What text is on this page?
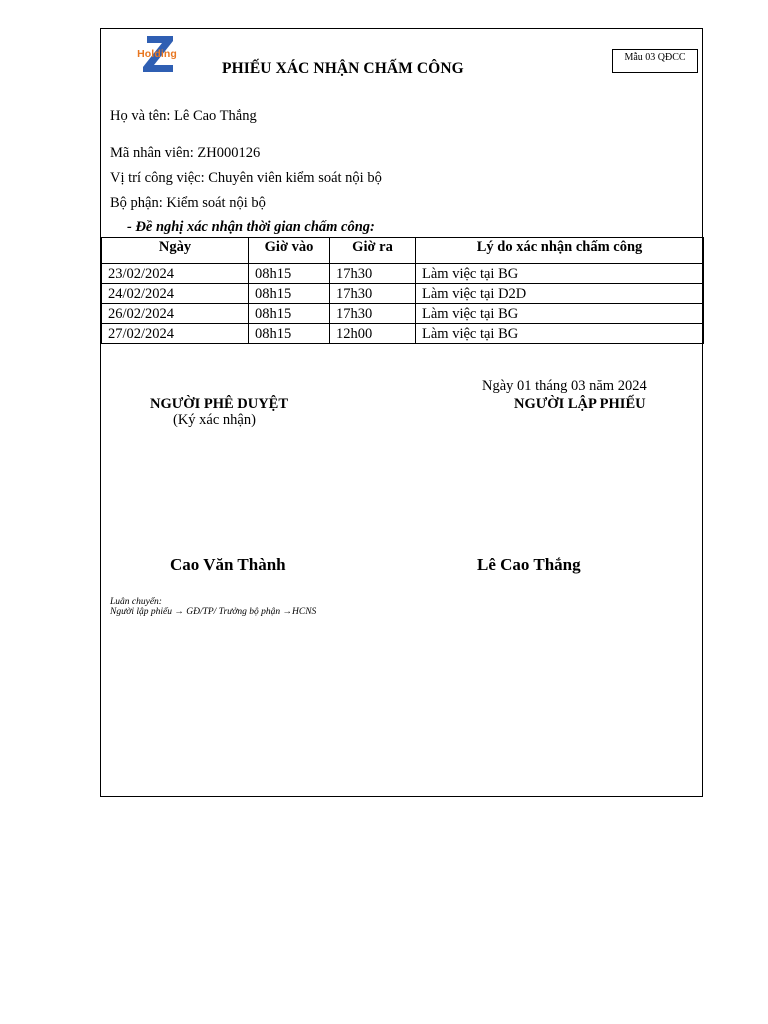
Holding	Mẫu 03 QĐCC
PHIẾU XÁC NHẬN CHẤM CÔNG
Họ và tên: Lê Cao Thắng
Mã nhân viên: ZH000126
Vị trí công việc: Chuyên viên kiểm soát nội bộ
Bộ phận: Kiểm soát nội bộ
- Đề nghị xác nhận thời gian chấm công:
Ngày	Giờ vào	Giờ ra	Lý do xác nhận chấm công
23/02/2024	08h15	17h30	Làm việc tại BG
24/02/2024	08h15	17h30	Làm việc tại D2D
26/02/2024	08h15	17h30	Làm việc tại BG
27/02/2024	08h15	12h00	Làm việc tại BG
Ngày 01 tháng 03 năm 2024
NGƯỜI PHÊ DUYỆT
(Ký xác nhận)
NGƯỜI LẬP PHIẾU
Cao Văn Thành	Lê Cao Thắng
Luân chuyển:
Người lập phiếu → GĐ/TP/ Trưởng bộ phận →HCNS
